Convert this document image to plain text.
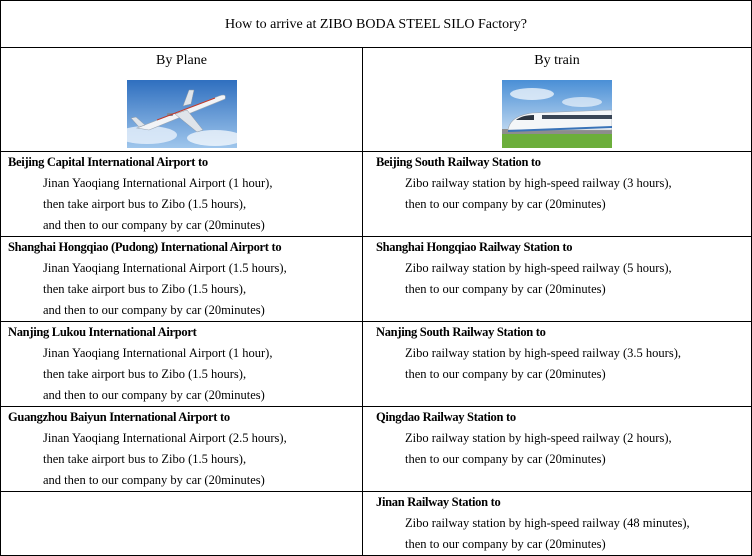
How to arrive at ZIBO BODA STEEL SILO Factory?	

By Plane	By train

Beijing Capital International Airport to
Jinan Yaoqiang International Airport (1 hour),
then take airport bus to Zibo (1.5 hours),
and then to our company by car (20minutes)	Beijing South Railway Station to
Zibo railway station by high-speed railway (3 hours),
then to our company by car (20minutes)

Shanghai Hongqiao (Pudong) International Airport to
Jinan Yaoqiang International Airport (1.5 hours),
then take airport bus to Zibo (1.5 hours),
and then to our company by car (20minutes)	Shanghai Hongqiao Railway Station to
Zibo railway station by high-speed railway (5 hours),
then to our company by car (20minutes)

Nanjing Lukou International Airport
Jinan Yaoqiang International Airport (1 hour),
then take airport bus to Zibo (1.5 hours),
and then to our company by car (20minutes)	Nanjing South Railway Station to
Zibo railway station by high-speed railway (3.5 hours),
then to our company by car (20minutes)

Guangzhou Baiyun International Airport to
Jinan Yaoqiang International Airport (2.5 hours),
then take airport bus to Zibo (1.5 hours),
and then to our company by car (20minutes)	Qingdao Railway Station to
Zibo railway station by high-speed railway (2 hours),
then to our company by car (20minutes)

	Jinan Railway Station to
Zibo railway station by high-speed railway (48 minutes),
then to our company by car (20minutes)
